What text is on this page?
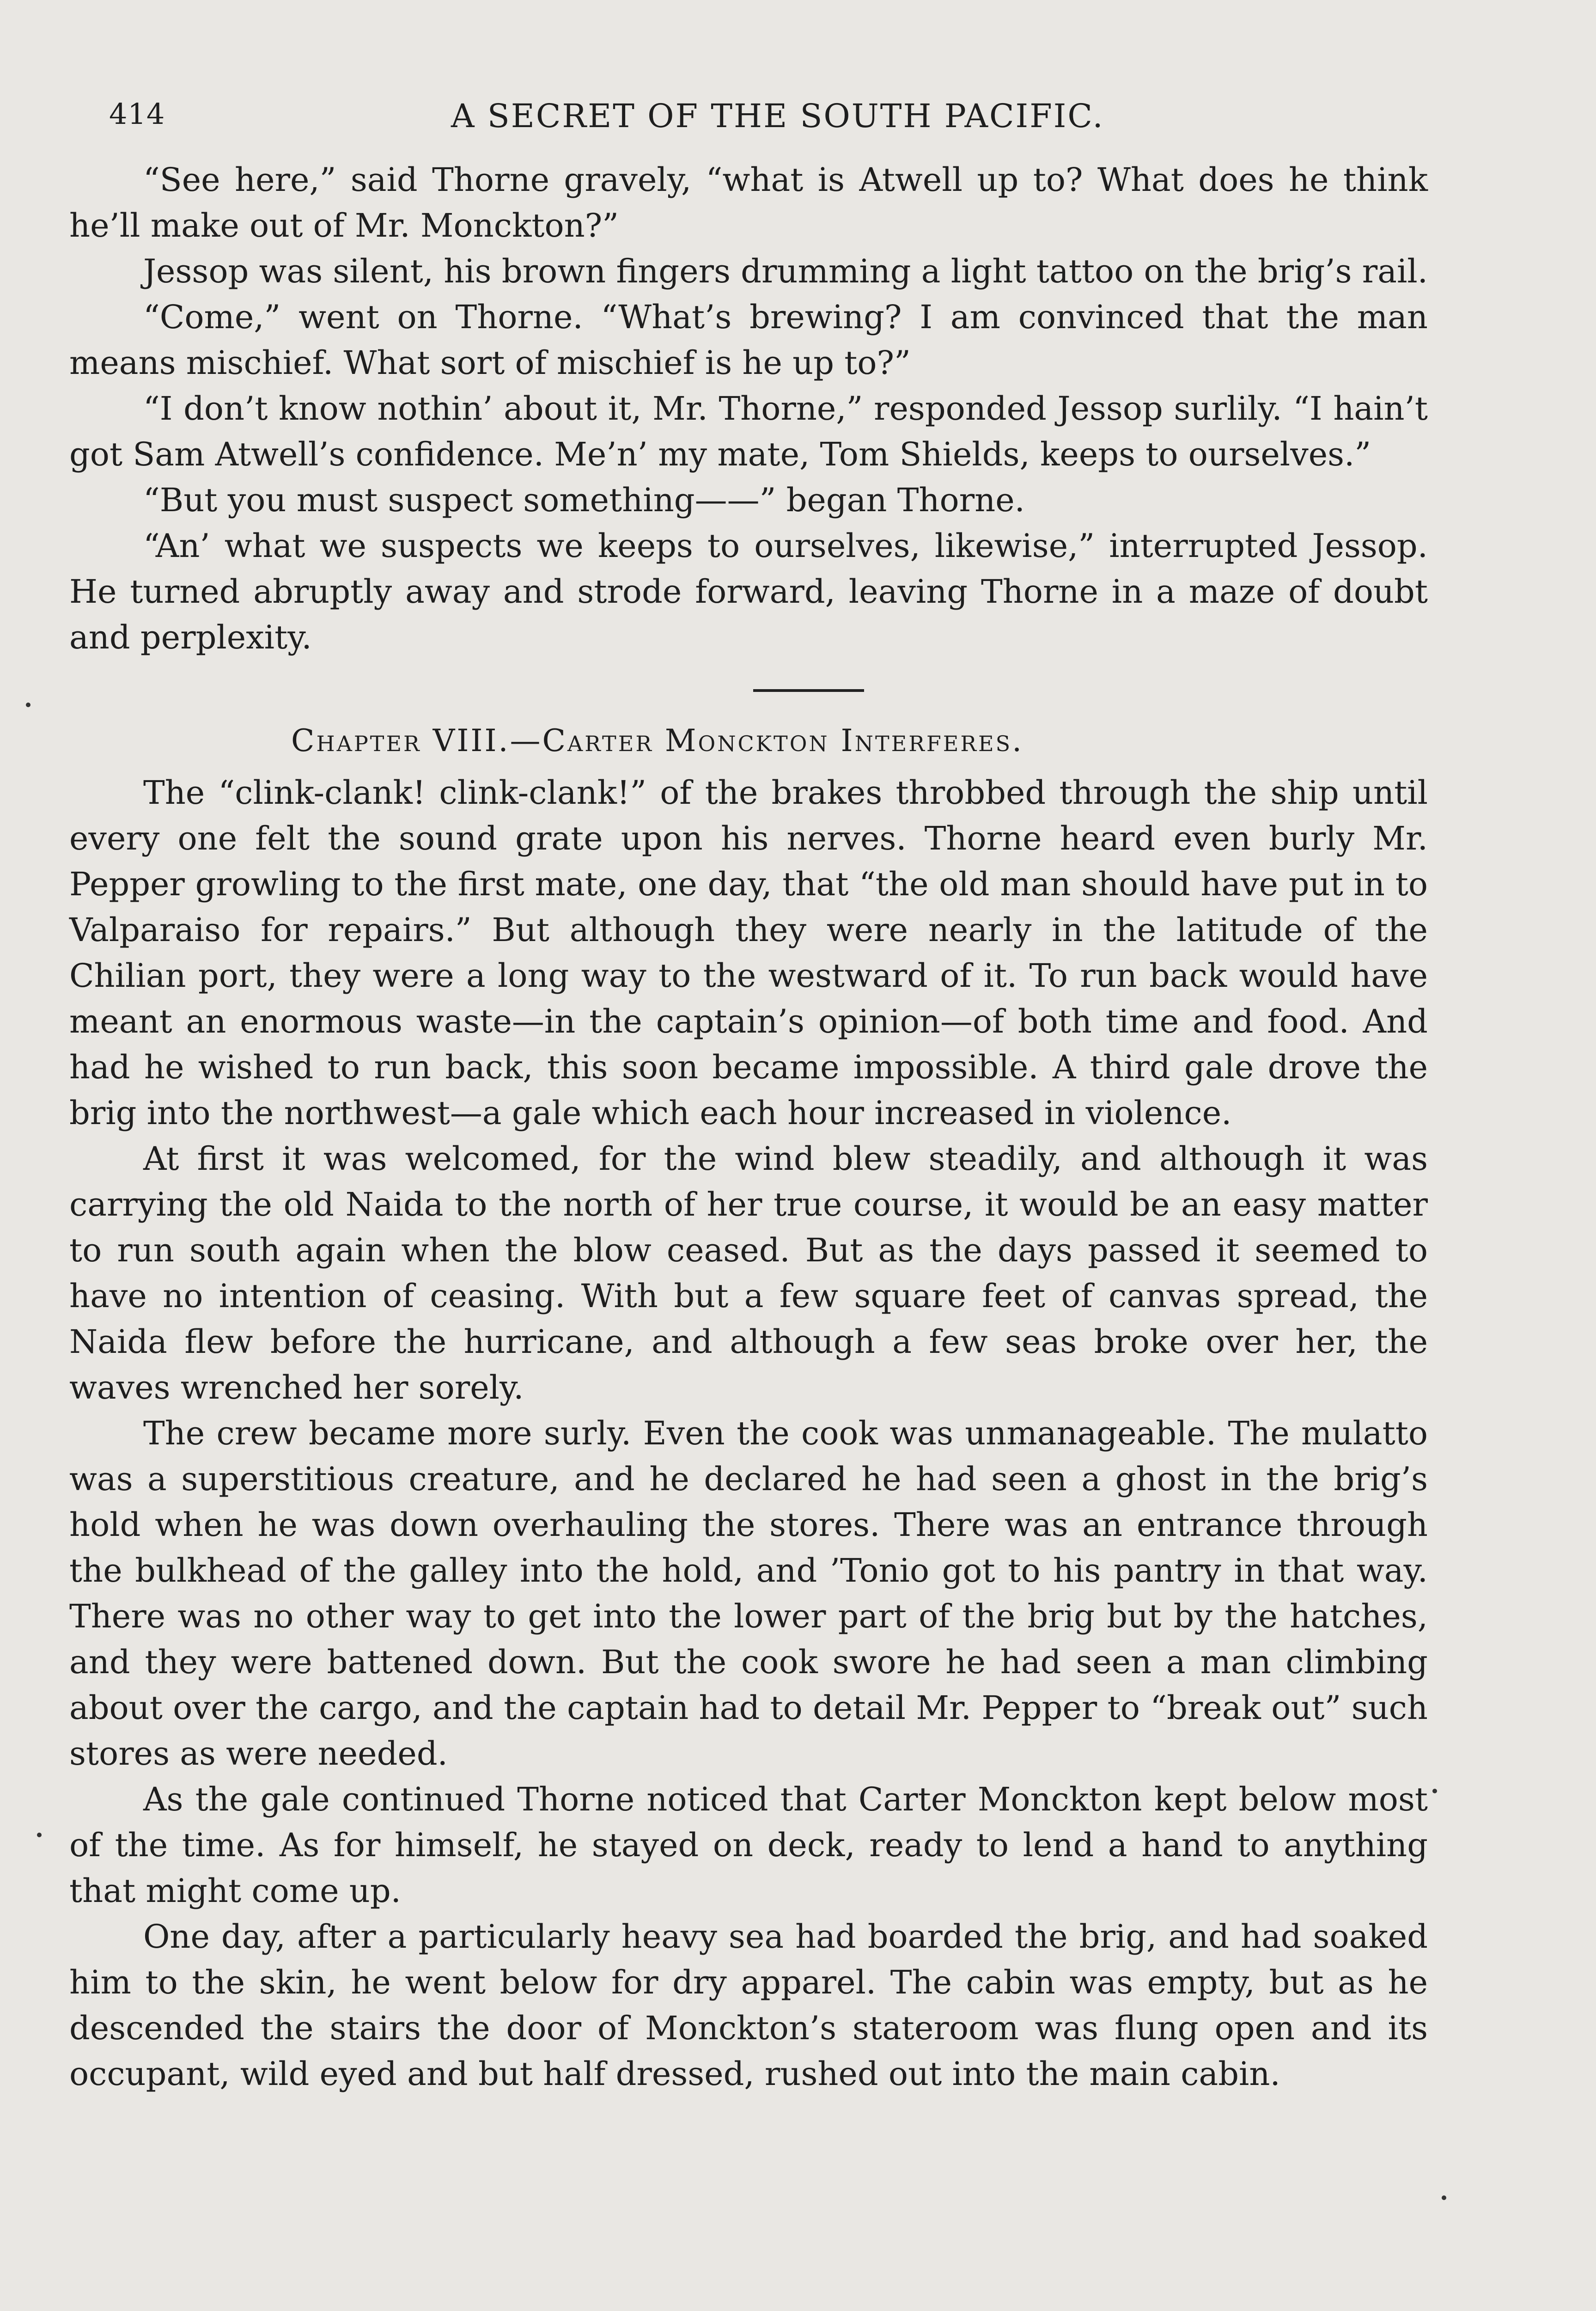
414	A SECRET OF THE SOUTH PACIFIC.

“See here,” said Thorne gravely, “what is Atwell up to? What does he think he’ll make out of Mr. Monckton?”

Jessop was silent, his brown fingers drumming a light tattoo on the brig’s rail.

“Come,” went on Thorne. “What’s brewing? I am convinced that the man means mischief. What sort of mischief is he up to?”

“I don’t know nothin’ about it, Mr. Thorne,” responded Jessop surlily. “I hain’t got Sam Atwell’s confidence. Me’n’ my mate, Tom Shields, keeps to ourselves.”

“But you must suspect something——” began Thorne.

“An’ what we suspects we keeps to ourselves, likewise,” interrupted Jessop. He turned abruptly away and strode forward, leaving Thorne in a maze of doubt and perplexity.

Chapter VIII.—Carter Monckton Interferes.

The “clink-clank! clink-clank!” of the brakes throbbed through the ship until every one felt the sound grate upon his nerves. Thorne heard even burly Mr. Pepper growling to the first mate, one day, that “the old man should have put in to Valparaiso for repairs.” But although they were nearly in the latitude of the Chilian port, they were a long way to the westward of it. To run back would have meant an enormous waste—in the captain’s opinion—of both time and food. And had he wished to run back, this soon became impossible. A third gale drove the brig into the northwest—a gale which each hour increased in violence.

At first it was welcomed, for the wind blew steadily, and although it was carrying the old Naida to the north of her true course, it would be an easy matter to run south again when the blow ceased. But as the days passed it seemed to have no intention of ceasing. With but a few square feet of canvas spread, the Naida flew before the hurricane, and although a few seas broke over her, the waves wrenched her sorely.

The crew became more surly. Even the cook was unmanageable. The mulatto was a superstitious creature, and he declared he had seen a ghost in the brig’s hold when he was down overhauling the stores. There was an entrance through the bulkhead of the galley into the hold, and ’Tonio got to his pantry in that way. There was no other way to get into the lower part of the brig but by the hatches, and they were battened down. But the cook swore he had seen a man climbing about over the cargo, and the captain had to detail Mr. Pepper to “break out” such stores as were needed.

As the gale continued Thorne noticed that Carter Monckton kept below most of the time. As for himself, he stayed on deck, ready to lend a hand to anything that might come up.

One day, after a particularly heavy sea had boarded the brig, and had soaked him to the skin, he went below for dry apparel. The cabin was empty, but as he descended the stairs the door of Monckton’s stateroom was flung open and its occupant, wild eyed and but half dressed, rushed out into the main cabin.
